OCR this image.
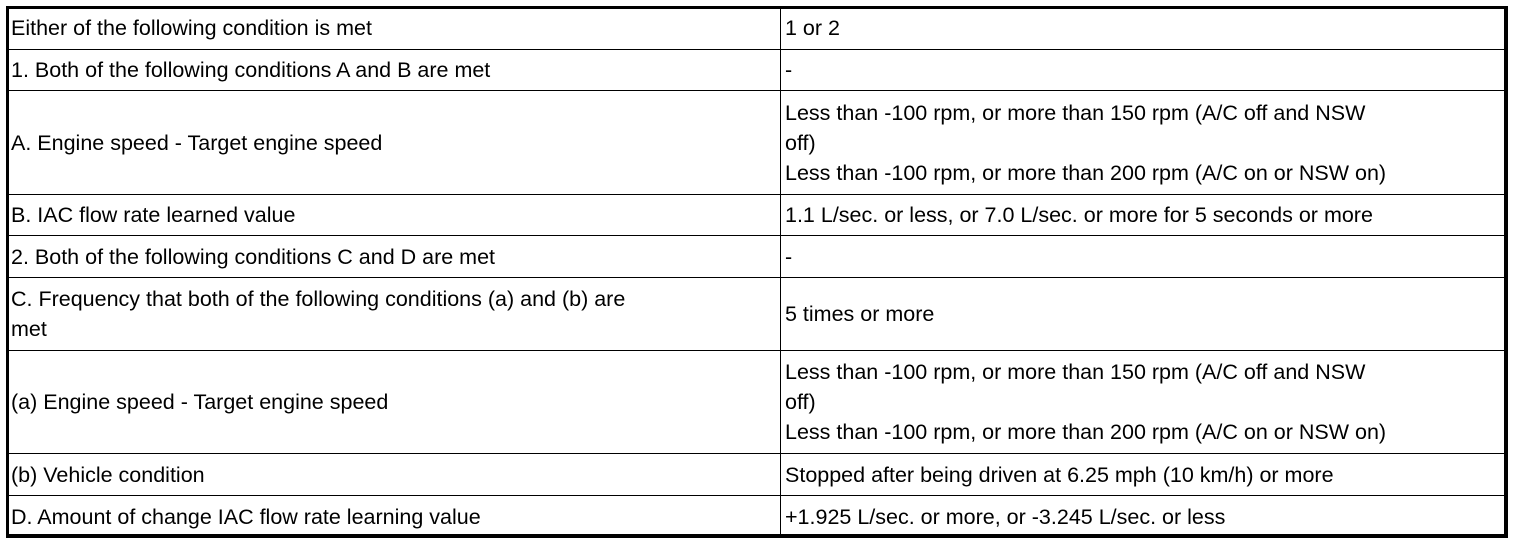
Either of the following condition is met	1 or 2
1. Both of the following conditions A and B are met	-
A. Engine speed - Target engine speed	Less than -100 rpm, or more than 150 rpm (A/C off and NSW
off)
Less than -100 rpm, or more than 200 rpm (A/C on or NSW on)

B. IAC flow rate learned value	1.1 L/sec. or less, or 7.0 L/sec. or more for 5 seconds or more
2. Both of the following conditions C and D are met	-

C. Frequency that both of the following conditions (a) and (b) are
met	5 times or more
(a) Engine speed - Target engine speed	Less than -100 rpm, or more than 150 rpm (A/C off and NSW
off)
Less than -100 rpm, or more than 200 rpm (A/C on or NSW on)

(b) Vehicle condition	Stopped after being driven at 6.25 mph (10 km/h) or more
D. Amount of change IAC flow rate learning value	+1.925 L/sec. or more, or -3.245 L/sec. or less
